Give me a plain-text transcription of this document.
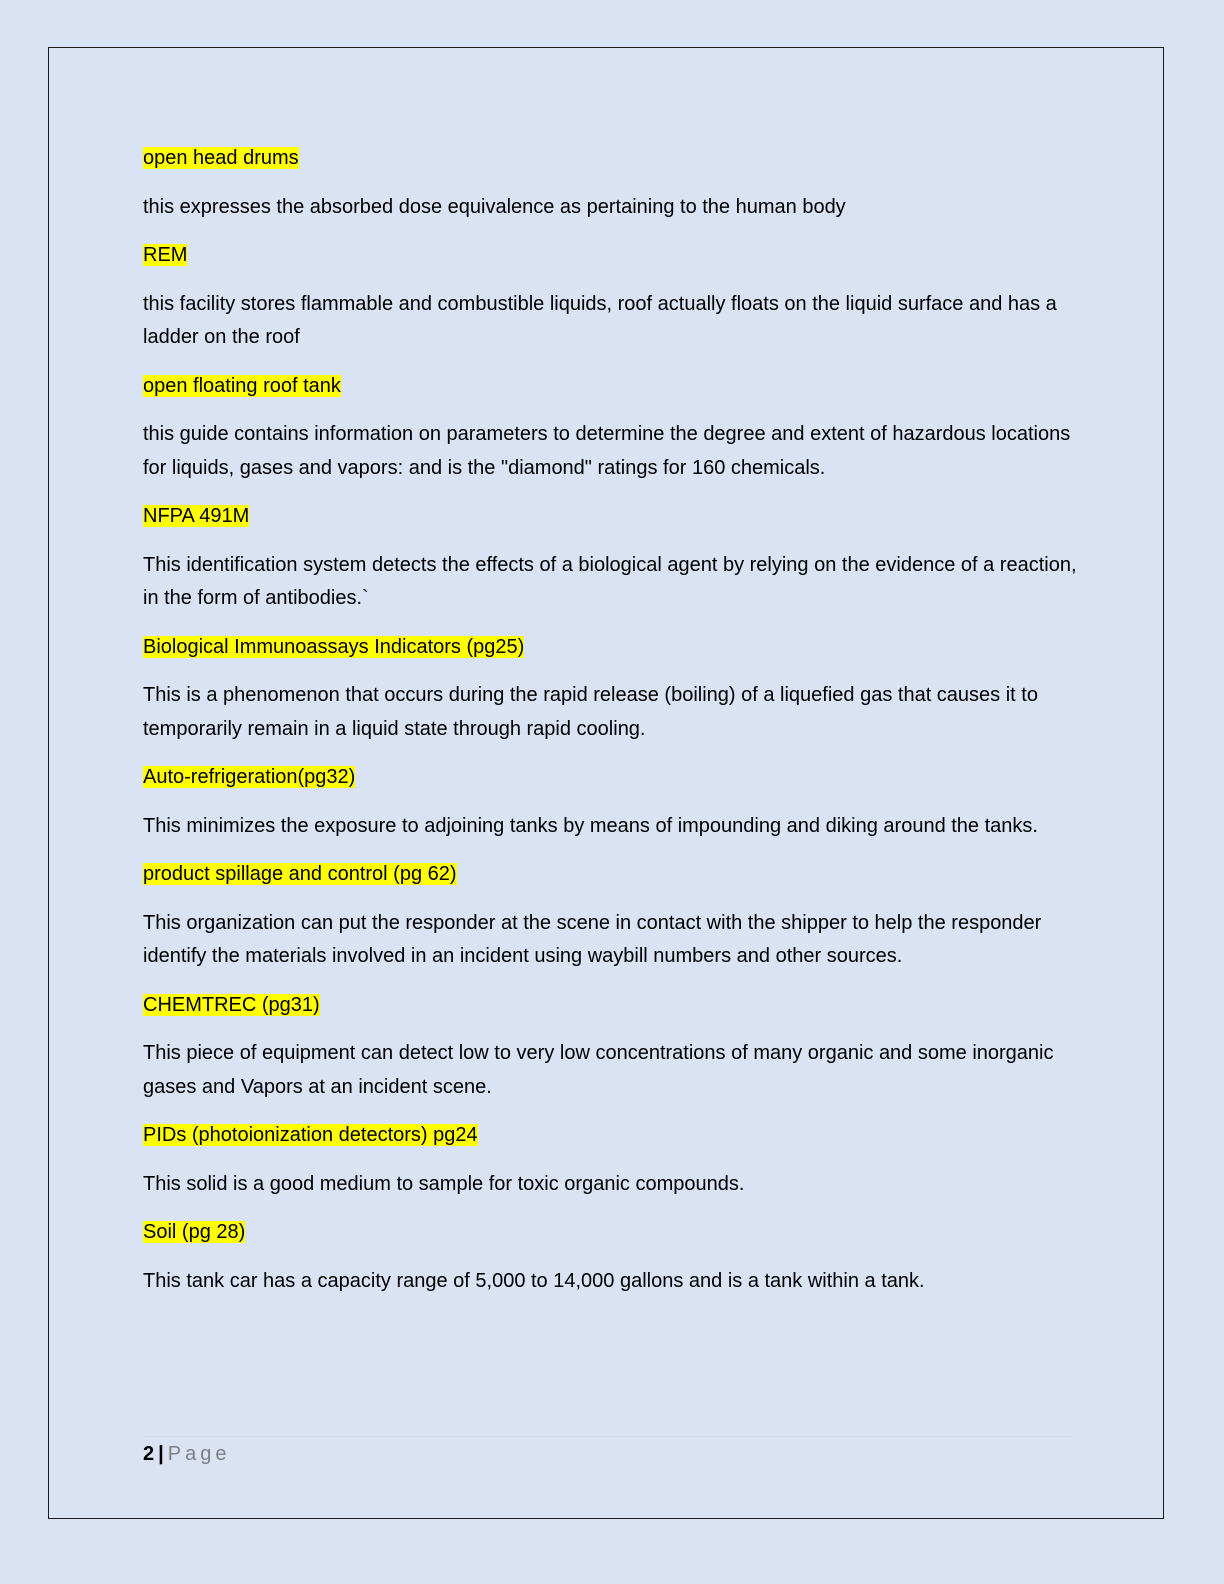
open head drums

this expresses the absorbed dose equivalence as pertaining to the human body

REM

this facility stores flammable and combustible liquids, roof actually floats on the liquid surface and has a ladder on the roof

open floating roof tank

this guide contains information on parameters to determine the degree and extent of hazardous locations for liquids, gases and vapors: and is the "diamond" ratings for 160 chemicals.

NFPA 491M

This identification system detects the effects of a biological agent by relying on the evidence of a reaction, in the form of antibodies.`

Biological Immunoassays Indicators (pg25)

This is a phenomenon that occurs during the rapid release (boiling) of a liquefied gas that causes it to temporarily remain in a liquid state through rapid cooling.

Auto-refrigeration(pg32)

This minimizes the exposure to adjoining tanks by means of impounding and diking around the tanks.

product spillage and control (pg 62)

This organization can put the responder at the scene in contact with the shipper to help the responder identify the materials involved in an incident using waybill numbers and other sources.

CHEMTREC (pg31)

This piece of equipment can detect low to very low concentrations of many organic and some inorganic gases and Vapors at an incident scene.

PIDs (photoionization detectors) pg24

This solid is a good medium to sample for toxic organic compounds.

Soil (pg 28)

This tank car has a capacity range of 5,000 to 14,000 gallons and is a tank within a tank.

2 | Page
